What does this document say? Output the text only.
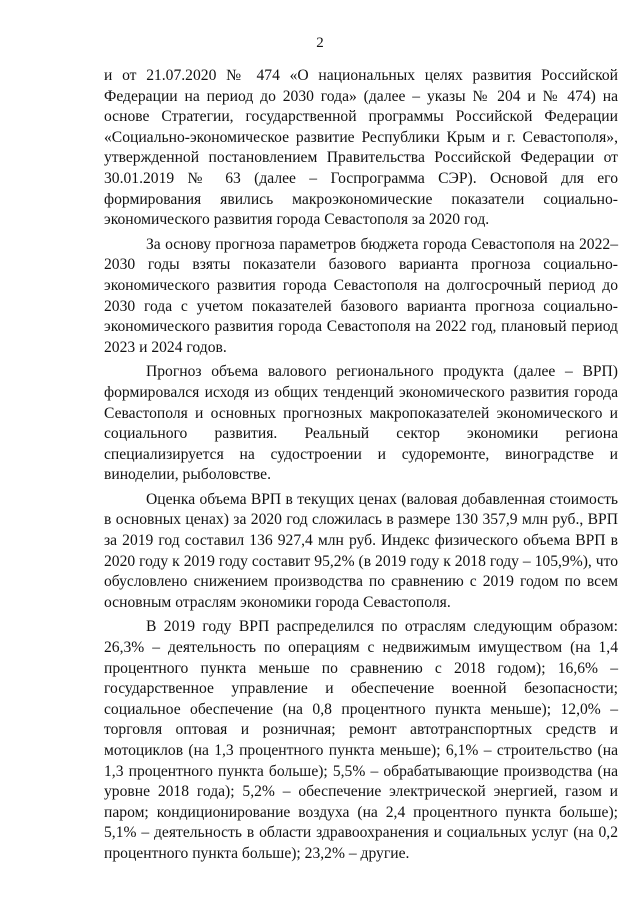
2

и от 21.07.2020 № 474 «О национальных целях развития Российской Федерации на период до 2030 года» (далее – указы № 204 и № 474) на основе Стратегии, государственной программы Российской Федерации «Социально-экономическое развитие Республики Крым и г. Севастополя», утвержденной постановлением Правительства Российской Федерации от 30.01.2019 № 63 (далее – Госпрограмма СЭР). Основой для его формирования явились макроэкономические показатели социально-экономического развития города Севастополя за 2020 год.

За основу прогноза параметров бюджета города Севастополя на 2022–2030 годы взяты показатели базового варианта прогноза социально-экономического развития города Севастополя на долгосрочный период до 2030 года с учетом показателей базового варианта прогноза социально-экономического развития города Севастополя на 2022 год, плановый период 2023 и 2024 годов.

Прогноз объема валового регионального продукта (далее – ВРП) формировался исходя из общих тенденций экономического развития города Севастополя и основных прогнозных макропоказателей экономического и социального развития. Реальный сектор экономики региона специализируется на судостроении и судоремонте, виноградстве и виноделии, рыболовстве.

Оценка объема ВРП в текущих ценах (валовая добавленная стоимость в основных ценах) за 2020 год сложилась в размере 130 357,9 млн руб., ВРП за 2019 год составил 136 927,4 млн руб. Индекс физического объема ВРП в 2020 году к 2019 году составит 95,2% (в 2019 году к 2018 году – 105,9%), что обусловлено снижением производства по сравнению с 2019 годом по всем основным отраслям экономики города Севастополя.

В 2019 году ВРП распределился по отраслям следующим образом: 26,3% – деятельность по операциям с недвижимым имуществом (на 1,4 процентного пункта меньше по сравнению с 2018 годом); 16,6% – государственное управление и обеспечение военной безопасности; социальное обеспечение (на 0,8 процентного пункта меньше); 12,0% – торговля оптовая и розничная; ремонт автотранспортных средств и мотоциклов (на 1,3 процентного пункта меньше); 6,1% – строительство (на 1,3 процентного пункта больше); 5,5% – обрабатывающие производства (на уровне 2018 года); 5,2% – обеспечение электрической энергией, газом и паром; кондиционирование воздуха (на 2,4 процентного пункта больше); 5,1% – деятельность в области здравоохранения и социальных услуг (на 0,2 процентного пункта больше); 23,2% – другие.
